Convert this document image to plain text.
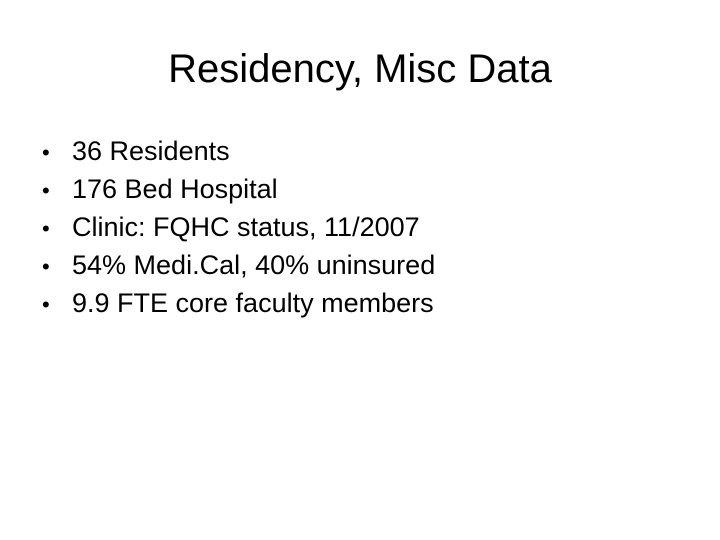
Residency, Misc Data
• 36 Residents
• 176 Bed Hospital
• Clinic: FQHC status, 11/2007
• 54% Medi.Cal, 40% uninsured
• 9.9 FTE core faculty members
